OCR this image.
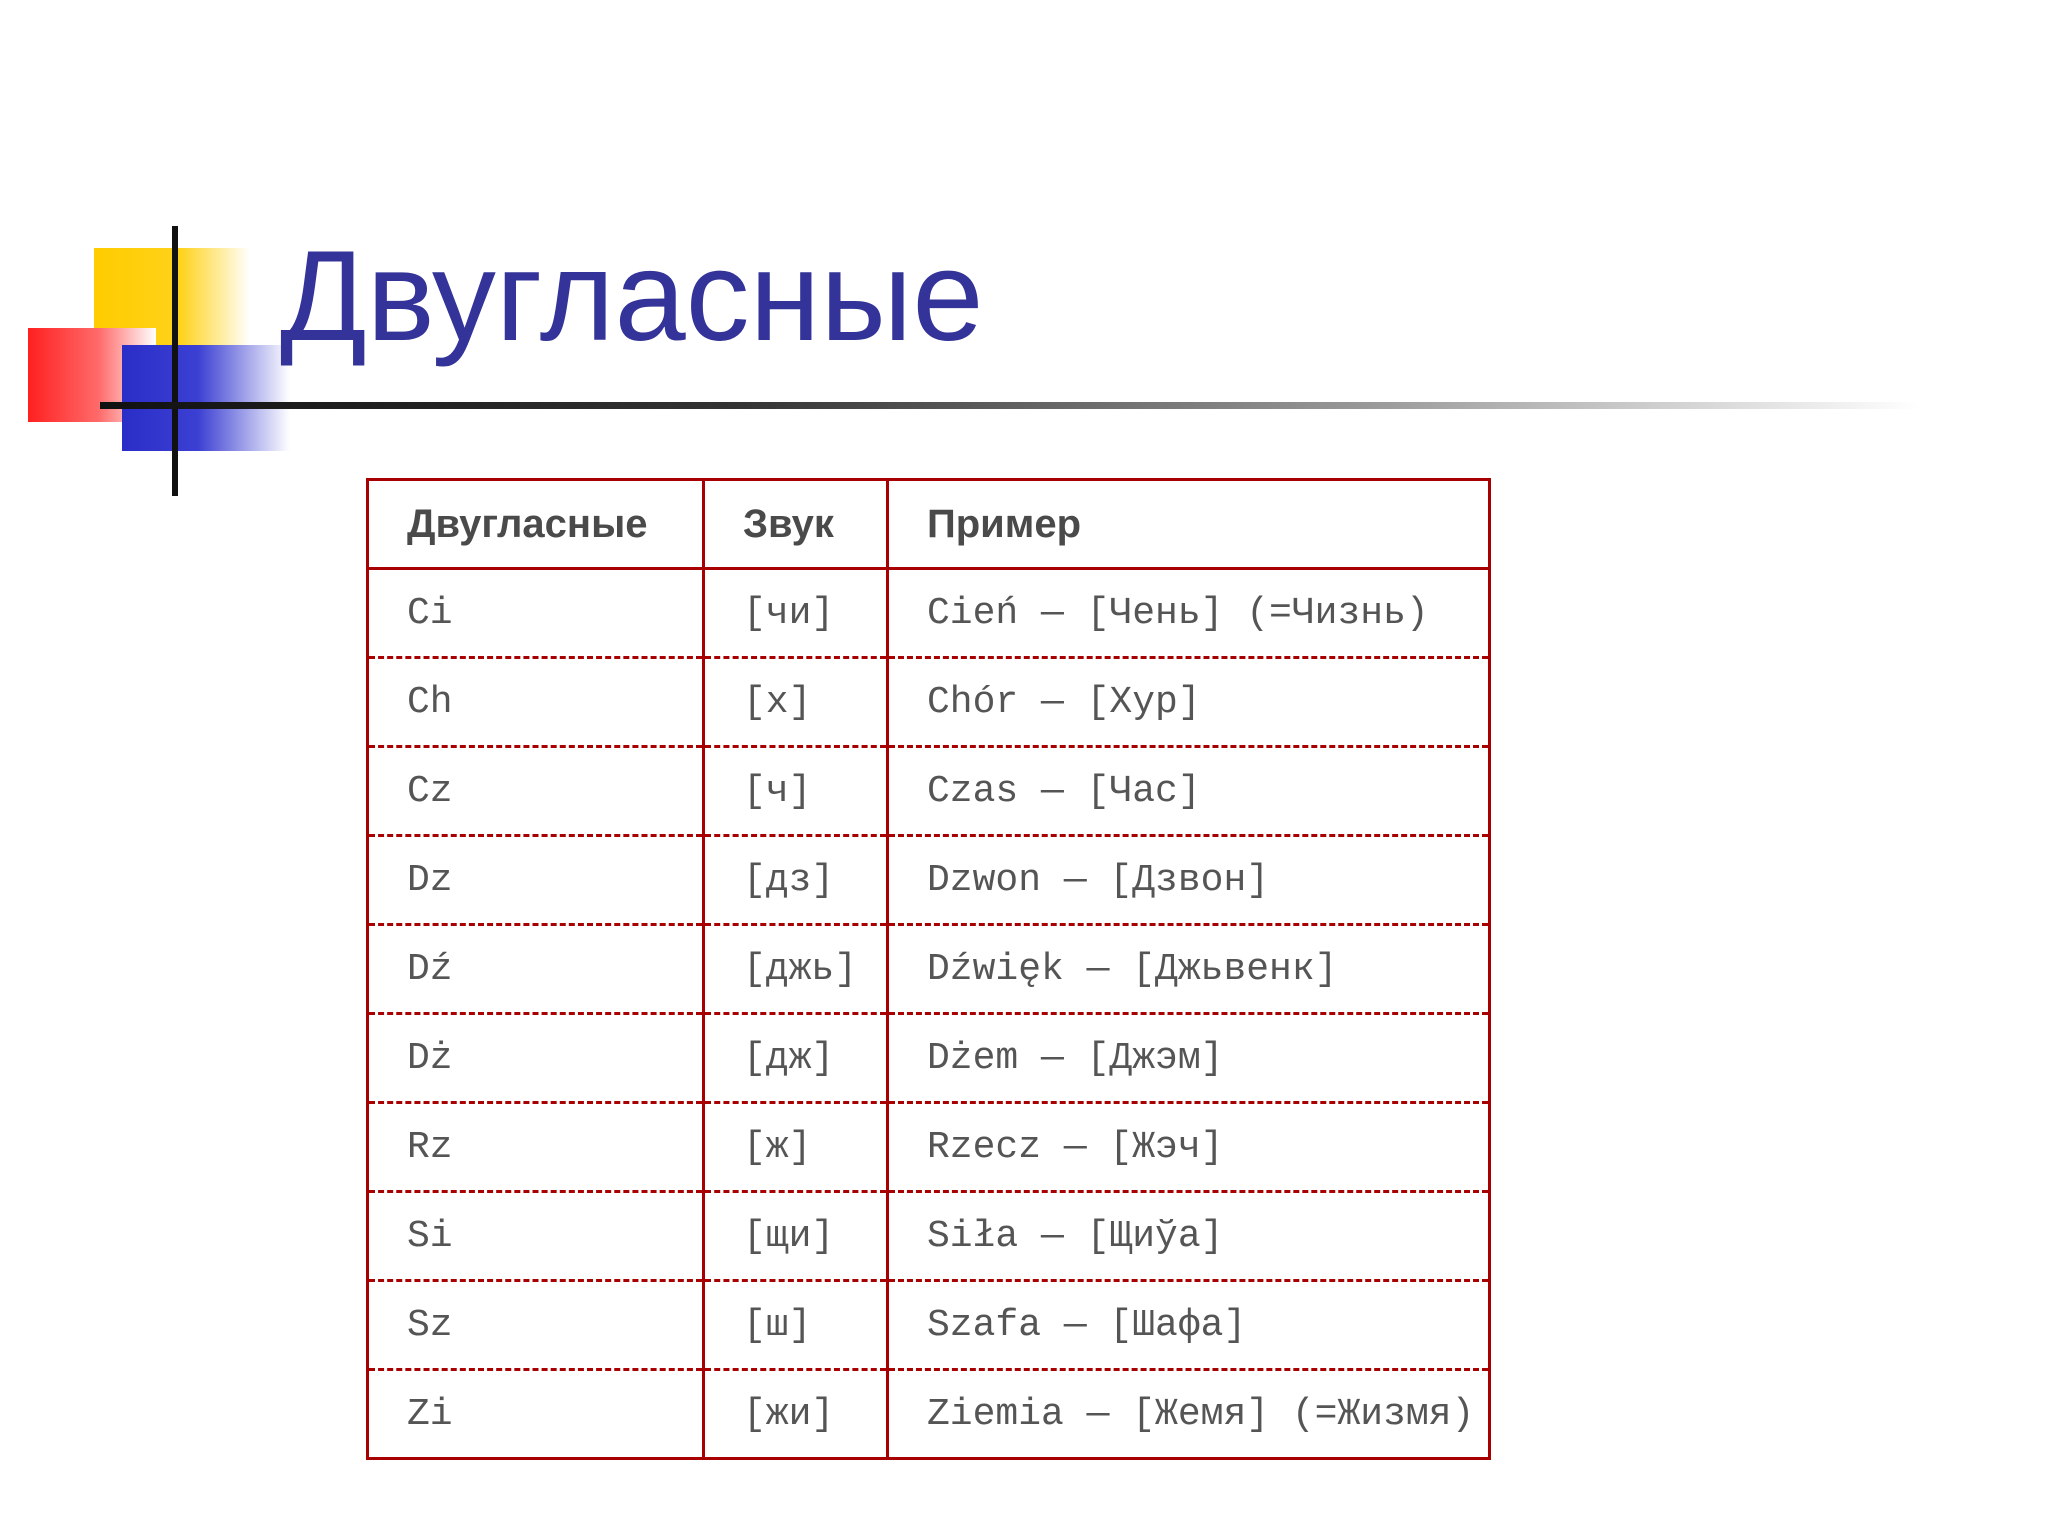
Двугласные
Двугласные	Звук	Пример
Ci	[чи]	Cień — [Чень] (=Чизнь)
Ch	[х]	Chór — [Хур]
Cz	[ч]	Czas — [Час]
Dz	[дз]	Dzwon — [Дзвон]
Dź	[джь]	Dźwięk — [Джьвенк]
Dż	[дж]	Dżem — [Джэм]
Rz	[ж]	Rzecz — [Жэч]
Si	[щи]	Siła — [Щиўа]
Sz	[ш]	Szafa — [Шафа]
Zi	[жи]	Ziemia — [Жемя] (=Жизмя)
